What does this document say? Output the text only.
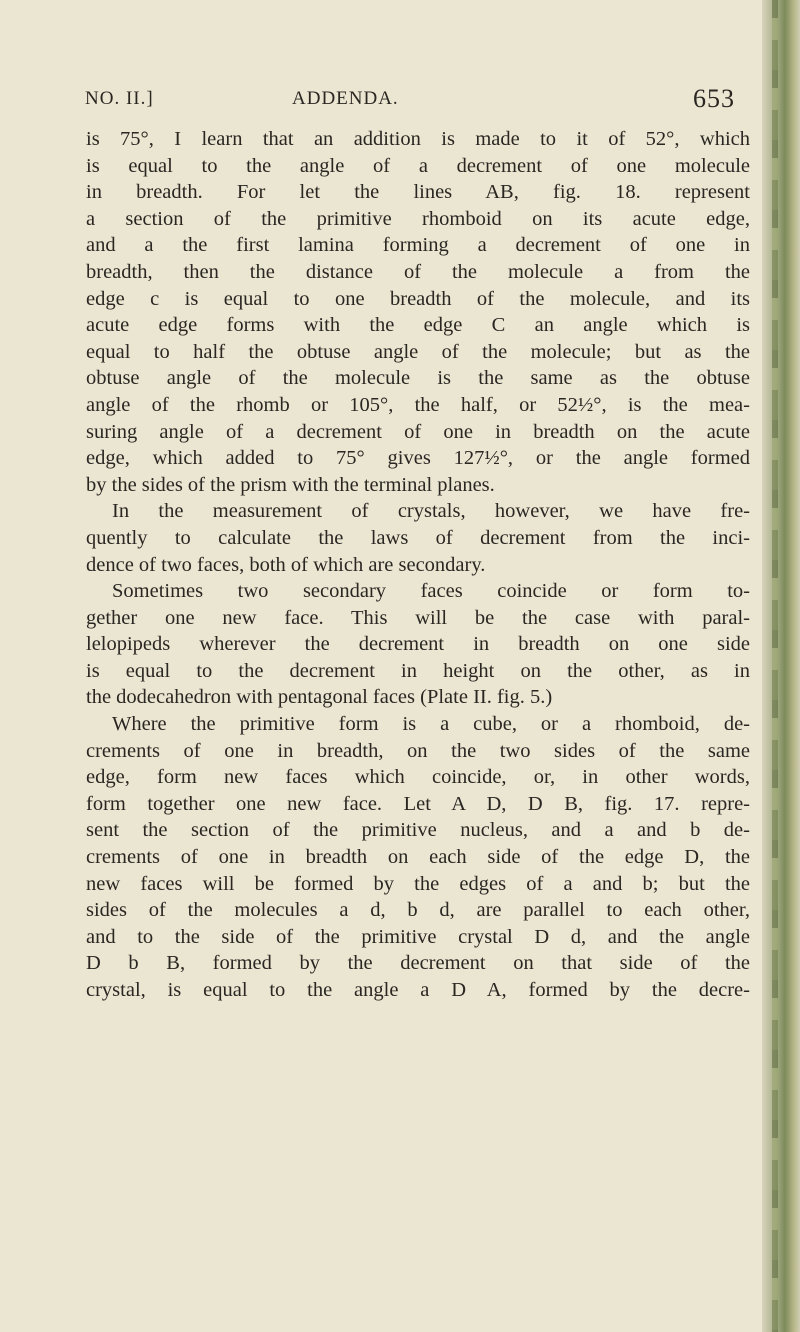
NO. II.]	ADDENDA.	653
is 75°, I learn that an addition is made to it of 52°, which
is equal to the angle of a decrement of one molecule
in breadth. For let the lines AB, fig. 18. represent
a section of the primitive rhomboid on its acute edge,
and a the first lamina forming a decrement of one in
breadth, then the distance of the molecule a from the
edge c is equal to one breadth of the molecule, and its
acute edge forms with the edge C an angle which is
equal to half the obtuse angle of the molecule; but as the
obtuse angle of the molecule is the same as the obtuse
angle of the rhomb or 105°, the half, or 52½°, is the mea-
suring angle of a decrement of one in breadth on the acute
edge, which added to 75° gives 127½°, or the angle formed
by the sides of the prism with the terminal planes.
In the measurement of crystals, however, we have fre-
quently to calculate the laws of decrement from the inci-
dence of two faces, both of which are secondary.
Sometimes two secondary faces coincide or form to-
gether one new face. This will be the case with paral-
lelopipeds wherever the decrement in breadth on one side
is equal to the decrement in height on the other, as in
the dodecahedron with pentagonal faces (Plate II. fig. 5.)
Where the primitive form is a cube, or a rhomboid, de-
crements of one in breadth, on the two sides of the same
edge, form new faces which coincide, or, in other words,
form together one new face. Let A D, D B, fig. 17. repre-
sent the section of the primitive nucleus, and a and b de-
crements of one in breadth on each side of the edge D, the
new faces will be formed by the edges of a and b; but the
sides of the molecules a d, b d, are parallel to each other,
and to the side of the primitive crystal D d, and the angle
D b B, formed by the decrement on that side of the
crystal, is equal to the angle a D A, formed by the decre-
